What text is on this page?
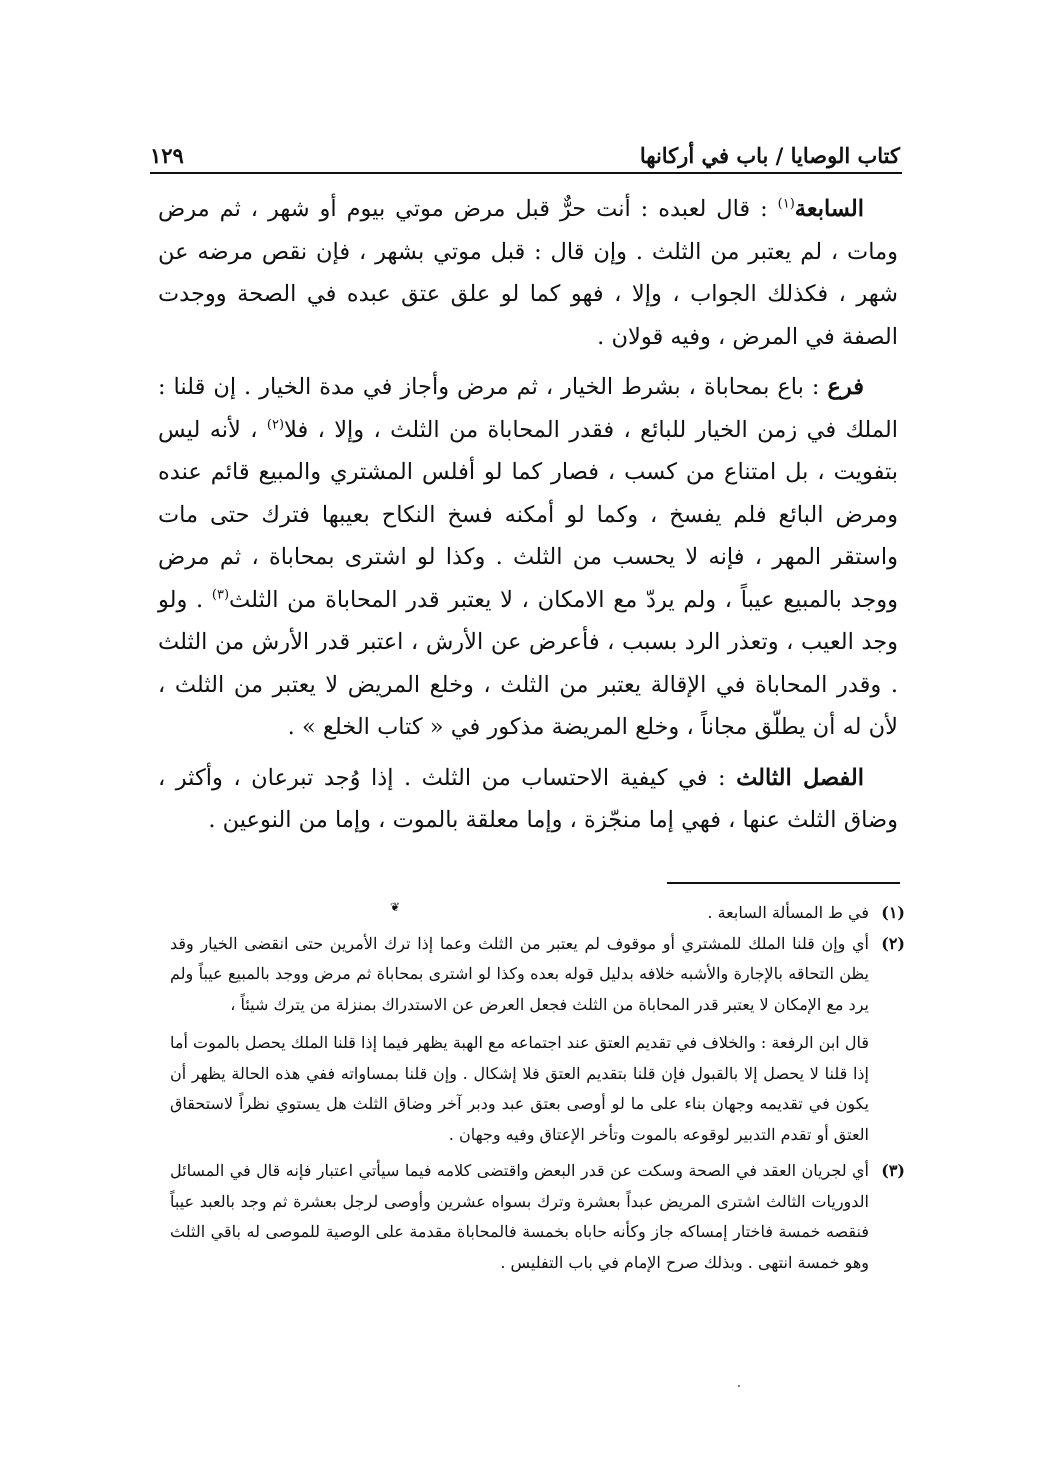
١٢٩	كتاب الوصايا / باب في أركانها

السابعة$^{(١)}$ : قال لعبده : أنت حرٌّ قبل مرض موتي بيوم أو شهر ، ثم مرض ومات ، لم يعتبر من الثلث . وإن قال : قبل موتي بشهر ، فإن نقص مرضه عن شهر ، فكذلك الجواب ، وإلا ، فهو كما لو علق عتق عبده في الصحة ووجدت الصفة في المرض ، وفيه قولان .

فرع : باع بمحاباة ، بشرط الخيار ، ثم مرض وأجاز في مدة الخيار . إن قلنا : الملك في زمن الخيار للبائع ، فقدر المحاباة من الثلث ، وإلا ، فلا$^{(٢)}$ ، لأنه ليس بتفويت ، بل امتناع من كسب ، فصار كما لو أفلس المشتري والمبيع قائم عنده ومرض البائع فلم يفسخ ، وكما لو أمكنه فسخ النكاح بعيبها فترك حتى مات واستقر المهر ، فإنه لا يحسب من الثلث . وكذا لو اشترى بمحاباة ، ثم مرض ووجد بالمبيع عيباً ، ولم يردّ مع الامكان ، لا يعتبر قدر المحاباة من الثلث$^{(٣)}$ . ولو وجد العيب ، وتعذر الرد بسبب ، فأعرض عن الأرش ، اعتبر قدر الأرش من الثلث . وقدر المحاباة في الإقالة يعتبر من الثلث ، وخلع المريض لا يعتبر من الثلث ، لأن له أن يطلّق مجاناً ، وخلع المريضة مذكور في « كتاب الخلع » .

الفصل الثالث : في كيفية الاحتساب من الثلث . إذا وُجد تبرعان ، وأكثر ، وضاق الثلث عنها ، فهي إما منجّزة ، وإما معلقة بالموت ، وإما من النوعين .

❦	(١)
في ط المسألة السابعة .

(٢)
أي وإن قلنا الملك للمشتري أو موقوف لم يعتبر من الثلث وعما إذا ترك الأمرين حتى انقضى الخيار وقد يظن التحاقه بالإجارة والأشبه خلافه بدليل قوله بعده وكذا لو اشترى بمحاباة ثم مرض ووجد بالمبيع عيباً ولم يرد مع الإمكان لا يعتبر قدر المحاباة من الثلث فجعل العرض عن الاستدراك بمنزلة من يترك شيئاً ،

قال ابن الرفعة : والخلاف في تقديم العتق عند اجتماعه مع الهبة يظهر فيما إذا قلنا الملك يحصل بالموت أما إذا قلنا لا يحصل إلا بالقبول فإن قلنا بتقديم العتق فلا إشكال . وإن قلنا بمساواته ففي هذه الحالة يظهر أن يكون في تقديمه وجهان بناء على ما لو أوصى بعتق عبد ودبر آخر وضاق الثلث هل يستوي نظراً لاستحقاق العتق أو تقدم التدبير لوقوعه بالموت وتأخر الإعتاق وفيه وجهان .

(٣)
أي لجريان العقد في الصحة وسكت عن قدر البعض واقتضى كلامه فيما سيأتي اعتبار فإنه قال في المسائل الدوريات الثالث اشترى المريض عبداً بعشرة وترك بسواه عشرين وأوصى لرجل بعشرة ثم وجد بالعبد عيباً فنقصه خمسة فاختار إمساكه جاز وكأنه حاباه بخمسة فالمحاباة مقدمة على الوصية للموصى له باقي الثلث وهو خمسة انتهى . وبذلك صرح الإمام في باب التفليس .
